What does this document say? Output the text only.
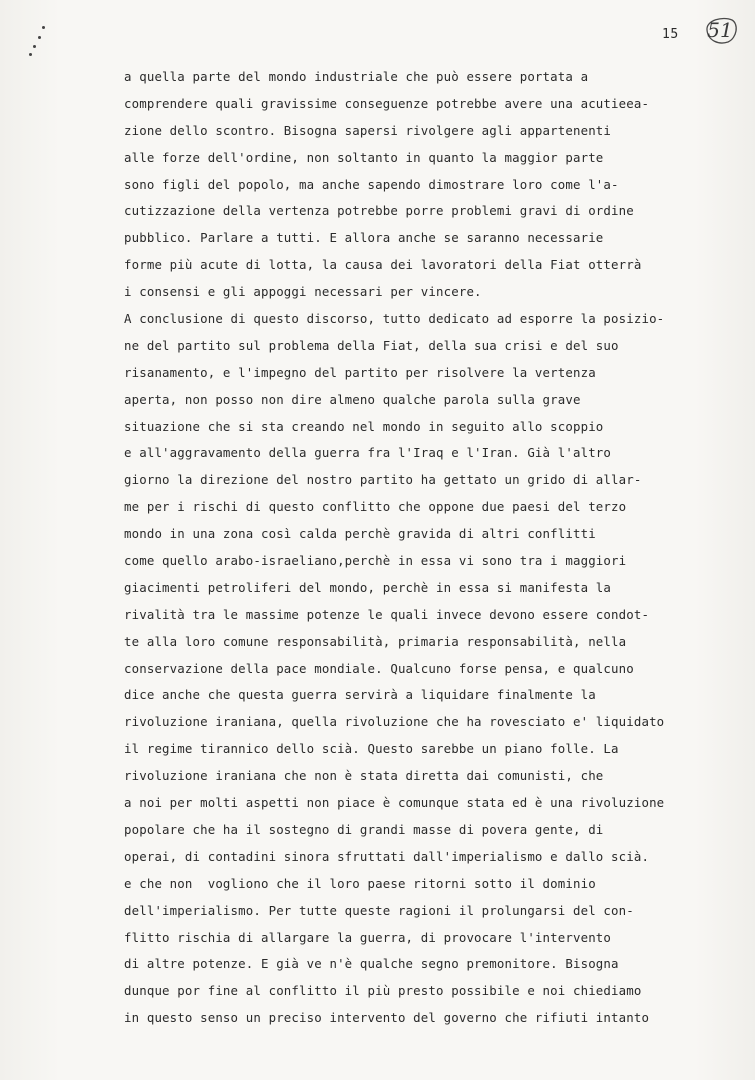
15	51
a quella parte del mondo industriale che può essere portata a
comprendere quali gravissime conseguenze potrebbe avere una acutieea-
zione dello scontro. Bisogna sapersi rivolgere agli appartenenti
alle forze dell'ordine, non soltanto in quanto la maggior parte
sono figli del popolo, ma anche sapendo dimostrare loro come l'a-
cutizzazione della vertenza potrebbe porre problemi gravi di ordine
pubblico. Parlare a tutti. E allora anche se saranno necessarie
forme più acute di lotta, la causa dei lavoratori della Fiat otterrà
i consensi e gli appoggi necessari per vincere.
A conclusione di questo discorso, tutto dedicato ad esporre la posizio-
ne del partito sul problema della Fiat, della sua crisi e del suo
risanamento, e l'impegno del partito per risolvere la vertenza
aperta, non posso non dire almeno qualche parola sulla grave
situazione che si sta creando nel mondo in seguito allo scoppio
e all'aggravamento della guerra fra l'Iraq e l'Iran. Già l'altro
giorno la direzione del nostro partito ha gettato un grido di allar-
me per i rischi di questo conflitto che oppone due paesi del terzo
mondo in una zona così calda perchè gravida di altri conflitti
come quello arabo-israeliano,perchè in essa vi sono tra i maggiori
giacimenti petroliferi del mondo, perchè in essa si manifesta la
rivalità tra le massime potenze le quali invece devono essere condot-
te alla loro comune responsabilità, primaria responsabilità, nella
conservazione della pace mondiale. Qualcuno forse pensa, e qualcuno
dice anche che questa guerra servirà a liquidare finalmente la
rivoluzione iraniana, quella rivoluzione che ha rovesciato e' liquidato
il regime tirannico dello scià. Questo sarebbe un piano folle. La
rivoluzione iraniana che non è stata diretta dai comunisti, che
a noi per molti aspetti non piace è comunque stata ed è una rivoluzione
popolare che ha il sostegno di grandi masse di povera gente, di
operai, di contadini sinora sfruttati dall'imperialismo e dallo scià.
e che non  vogliono che il loro paese ritorni sotto il dominio
dell'imperialismo. Per tutte queste ragioni il prolungarsi del con-
flitto rischia di allargare la guerra, di provocare l'intervento
di altre potenze. E già ve n'è qualche segno premonitore. Bisogna
dunque por fine al conflitto il più presto possibile e noi chiediamo
in questo senso un preciso intervento del governo che rifiuti intanto
